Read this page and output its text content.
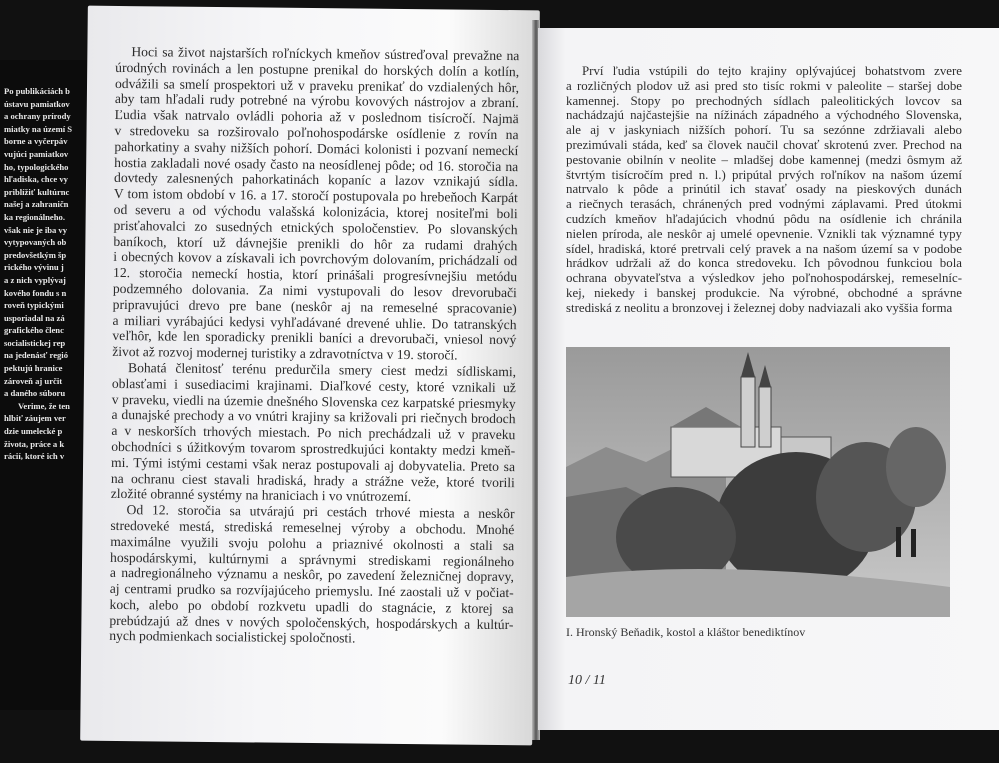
Po publikáciách b
ústavu pamiatkov
a ochrany prírody
miatky na území S
borne a vyčerpáv
vujúci pamiatkov
ho, typologického
hľadiska, chce vy
priblížiť kultúrnc
našej a zahraničn
ka regionálneho.
však nie je iba vy
vytypovaných ob
predovšetkým šp
rického vývinu j
a z nich vyplývaj
kového fondu s n
roveň typickými
usporiadal na zá
grafického členc
socialistickej rep
na jedenásť regió
pektujú hranice
zároveň aj určit
a daného súboru
Verime, že ten
hlbiť záujem ver
dzie umelecké p
života, práce a k
rácií, ktoré ich v
Hoci sa život najstarších roľníckych kmeňov sústreďoval prevažne na
úrodných rovinách a len postupne prenikal do horských dolín a kotlín,
odvážili sa smelí prospektori už v praveku prenikať do vzdialených hôr,
aby tam hľadali rudy potrebné na výrobu kovových nástrojov a zbraní.
Ľudia však natrvalo ovládli pohoria až v poslednom tisícročí. Najmä
v stredoveku sa rozširovalo poľnohospodárske osídlenie z rovín na
pahorkatiny a svahy nižších pohorí. Domáci kolonisti i pozvaní nemeckí
hostia zakladali nové osady často na neosídlenej pôde; od 16. storočia na
dovtedy zalesnených pahorkatinách kopaníc a lazov vznikajú sídla.
V tom istom období v 16. a 17. storočí postupovala po hrebeňoch Karpát
od severu a od východu valašská kolonizácia, ktorej nositeľmi boli
prisťahovalci zo susedných etnických spoločenstiev. Po slovanských
baníkoch, ktorí už dávnejšie prenikli do hôr za rudami drahých
i obecných kovov a získavali ich povrchovým dolovaním, prichádzali od
12. storočia nemeckí hostia, ktorí prinášali progresívnejšiu metódu
podzemného dolovania. Za nimi vystupovali do lesov drevorubači
pripravujúci drevo pre bane (neskôr aj na remeselné spracovanie)
a miliari vyrábajúci kedysi vyhľadávané drevené uhlie. Do tatranských
veľhôr, kde len sporadicky prenikli baníci a drevorubači, vniesol nový
život až rozvoj modernej turistiky a zdravotníctva v 19. storočí.
Bohatá členitosť terénu predurčila smery ciest medzi sídliskami,
oblasťami i susediacimi krajinami. Diaľkové cesty, ktoré vznikali už
v praveku, viedli na územie dnešného Slovenska cez karpatské priesmyky
a dunajské prechody a vo vnútri krajiny sa križovali pri riečnych brodoch
a v neskorších trhových miestach. Po nich prechádzali už v praveku
obchodníci s úžitkovým tovarom sprostredkujúci kontakty medzi kmeň-
mi. Tými istými cestami však neraz postupovali aj dobyvatelia. Preto sa
na ochranu ciest stavali hradiská, hrady a strážne veže, ktoré tvorili
zložité obranné systémy na hraniciach i vo vnútrozemí.
Od 12. storočia sa utvárajú pri cestách trhové miesta a neskôr
stredoveké mestá, strediská remeselnej výroby a obchodu. Mnohé
maximálne využili svoju polohu a priaznivé okolnosti a stali sa
hospodárskymi, kultúrnymi a správnymi strediskami regionálneho
a nadregionálneho významu a neskôr, po zavedení železničnej dopravy,
aj centrami prudko sa rozvíjajúceho priemyslu. Iné zaostali už v počiat-
koch, alebo po období rozkvetu upadli do stagnácie, z ktorej sa
prebúdzajú až dnes v nových spoločenských, hospodárskych a kultúr-
nych podmienkach socialistickej spoločnosti.
Prví ľudia vstúpili do tejto krajiny oplývajúcej bohatstvom zvere
a rozličných plodov už asi pred sto tisíc rokmi v paleolite – staršej dobe
kamennej. Stopy po prechodných sídlach paleolitických lovcov sa
nachádzajú najčastejšie na nížinách západného a východného Slovenska,
ale aj v jaskyniach nižších pohorí. Tu sa sezónne zdržiavali alebo
prezimúvali stáda, keď sa človek naučil chovať skrotenú zver. Prechod na
pestovanie obilnín v neolite – mladšej dobe kamennej (medzi ôsmym až
štvrtým tisícročím pred n. l.) pripútal prvých roľníkov na našom území
natrvalo k pôde a prinútil ich stavať osady na pieskových dunách
a riečnych terasách, chránených pred vodnými záplavami. Pred útokmi
cudzích kmeňov hľadajúcich vhodnú pôdu na osídlenie ich chránila
nielen príroda, ale neskôr aj umelé opevnenie. Vznikli tak významné typy
sídel, hradiská, ktoré pretrvali celý pravek a na našom území sa v podobe
hrádkov udržali až do konca stredoveku. Ich pôvodnou funkciou bola
ochrana obyvateľstva a výsledkov jeho poľnohospodárskej, remeselníc-
kej, niekedy i banskej produkcie. Na výrobné, obchodné a správne
strediská z neolitu a bronzovej i železnej doby nadviazali ako vyššia forma
I. Hronský Beňadik, kostol a kláštor benediktínov
10 / 11
